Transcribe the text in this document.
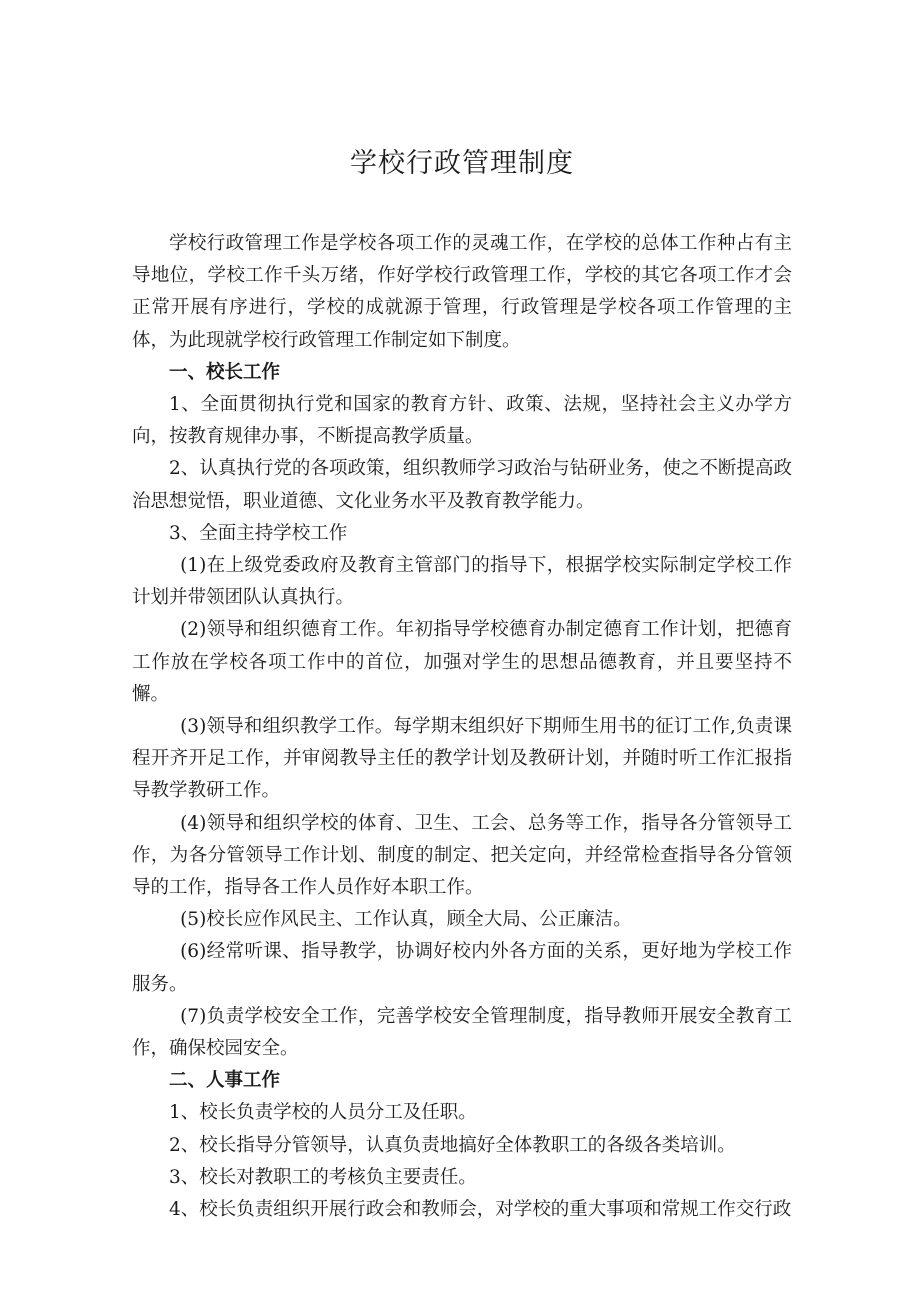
学校行政管理制度

学校行政管理工作是学校各项工作的灵魂工作，在学校的总体工作种占有主导地位，学校工作千头万绪，作好学校行政管理工作，学校的其它各项工作才会正常开展有序进行，学校的成就源于管理，行政管理是学校各项工作管理的主体，为此现就学校行政管理工作制定如下制度。

一、校长工作

1、全面贯彻执行党和国家的教育方针、政策、法规，坚持社会主义办学方向，按教育规律办事，不断提高教学质量。

2、认真执行党的各项政策，组织教师学习政治与钻研业务，使之不断提高政治思想觉悟，职业道德、文化业务水平及教育教学能力。

3、全面主持学校工作

(1)在上级党委政府及教育主管部门的指导下，根据学校实际制定学校工作计划并带领团队认真执行。

(2)领导和组织德育工作。年初指导学校德育办制定德育工作计划，把德育工作放在学校各项工作中的首位，加强对学生的思想品德教育，并且要坚持不懈。

(3)领导和组织教学工作。每学期末组织好下期师生用书的征订工作,负责课程开齐开足工作，并审阅教导主任的教学计划及教研计划，并随时听工作汇报指导教学教研工作。

(4)领导和组织学校的体育、卫生、工会、总务等工作，指导各分管领导工作，为各分管领导工作计划、制度的制定、把关定向，并经常检查指导各分管领导的工作，指导各工作人员作好本职工作。

(5)校长应作风民主、工作认真，顾全大局、公正廉洁。

(6)经常听课、指导教学，协调好校内外各方面的关系，更好地为学校工作服务。

(7)负责学校安全工作，完善学校安全管理制度，指导教师开展安全教育工作，确保校园安全。

二、人事工作

1、校长负责学校的人员分工及任职。

2、校长指导分管领导，认真负责地搞好全体教职工的各级各类培训。

3、校长对教职工的考核负主要责任。

4、校长负责组织开展行政会和教师会，对学校的重大事项和常规工作交行政
